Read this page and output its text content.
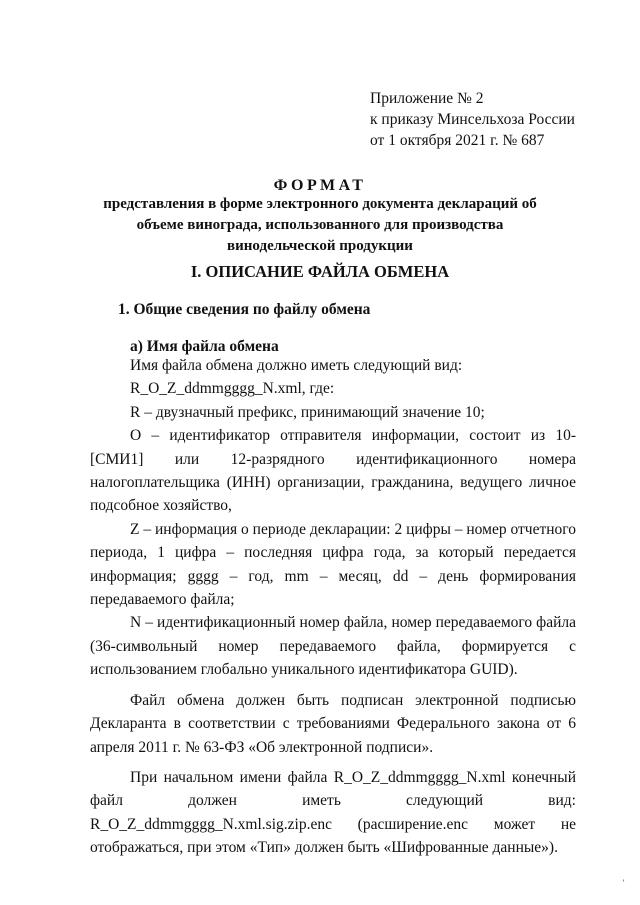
Приложение № 2
к приказу Минсельхоза России
от 1 октября 2021 г. № 687
ФОРМАТ
представления в форме электронного документа деклараций об объеме винограда, использованного для производства винодельческой продукции
I. ОПИСАНИЕ ФАЙЛА ОБМЕНА
1. Общие сведения по файлу обмена
а) Имя файла обмена

Имя файла обмена должно иметь следующий вид:

R_O_Z_ddmmgggg_N.xml, где:

R – двузначный префикс, принимающий значение 10;

O – идентификатор отправителя информации, состоит из 10-[СМИ1] или 12-разрядного идентификационного номера налогоплательщика (ИНН) организации, гражданина, ведущего личное подсобное хозяйство,

Z – информация о периоде декларации: 2 цифры – номер отчетного периода, 1 цифра – последняя цифра года, за который передается информация; gggg – год, mm – месяц, dd – день формирования передаваемого файла;

N – идентификационный номер файла, номер передаваемого файла (36-символьный номер передаваемого файла, формируется с использованием глобально уникального идентификатора GUID).

Файл обмена должен быть подписан электронной подписью Декларанта в соответствии с требованиями Федерального закона от 6 апреля 2011 г. № 63-ФЗ «Об электронной подписи».

При начальном имени файла R_O_Z_ddmmgggg_N.xml конечный файл должен иметь следующий вид: R_O_Z_ddmmgggg_N.xml.sig.zip.enc (расширение.enc может не отображаться, при этом «Тип» должен быть «Шифрованные данные»).

’
